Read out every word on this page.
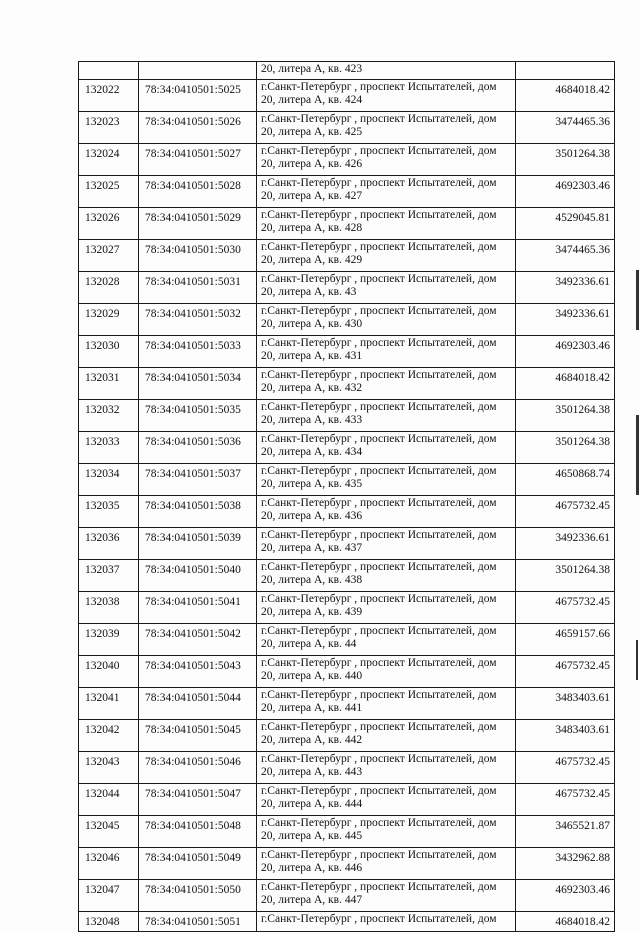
		20, литера А, кв. 423	
132022	78:34:0410501:5025	г.Санкт-Петербург , проспект Испытателей, дом
20, литера А, кв. 424	4684018.42
132023	78:34:0410501:5026	г.Санкт-Петербург , проспект Испытателей, дом
20, литера А, кв. 425	3474465.36
132024	78:34:0410501:5027	г.Санкт-Петербург , проспект Испытателей, дом
20, литера А, кв. 426	3501264.38
132025	78:34:0410501:5028	г.Санкт-Петербург , проспект Испытателей, дом
20, литера А, кв. 427	4692303.46
132026	78:34:0410501:5029	г.Санкт-Петербург , проспект Испытателей, дом
20, литера А, кв. 428	4529045.81
132027	78:34:0410501:5030	г.Санкт-Петербург , проспект Испытателей, дом
20, литера А, кв. 429	3474465.36
132028	78:34:0410501:5031	г.Санкт-Петербург , проспект Испытателей, дом
20, литера А, кв. 43	3492336.61
132029	78:34:0410501:5032	г.Санкт-Петербург , проспект Испытателей, дом
20, литера А, кв. 430	3492336.61
132030	78:34:0410501:5033	г.Санкт-Петербург , проспект Испытателей, дом
20, литера А, кв. 431	4692303.46
132031	78:34:0410501:5034	г.Санкт-Петербург , проспект Испытателей, дом
20, литера А, кв. 432	4684018.42
132032	78:34:0410501:5035	г.Санкт-Петербург , проспект Испытателей, дом
20, литера А, кв. 433	3501264.38
132033	78:34:0410501:5036	г.Санкт-Петербург , проспект Испытателей, дом
20, литера А, кв. 434	3501264.38
132034	78:34:0410501:5037	г.Санкт-Петербург , проспект Испытателей, дом
20, литера А, кв. 435	4650868.74
132035	78:34:0410501:5038	г.Санкт-Петербург , проспект Испытателей, дом
20, литера А, кв. 436	4675732.45
132036	78:34:0410501:5039	г.Санкт-Петербург , проспект Испытателей, дом
20, литера А, кв. 437	3492336.61
132037	78:34:0410501:5040	г.Санкт-Петербург , проспект Испытателей, дом
20, литера А, кв. 438	3501264.38
132038	78:34:0410501:5041	г.Санкт-Петербург , проспект Испытателей, дом
20, литера А, кв. 439	4675732.45
132039	78:34:0410501:5042	г.Санкт-Петербург , проспект Испытателей, дом
20, литера А, кв. 44	4659157.66
132040	78:34:0410501:5043	г.Санкт-Петербург , проспект Испытателей, дом
20, литера А, кв. 440	4675732.45
132041	78:34:0410501:5044	г.Санкт-Петербург , проспект Испытателей, дом
20, литера А, кв. 441	3483403.61
132042	78:34:0410501:5045	г.Санкт-Петербург , проспект Испытателей, дом
20, литера А, кв. 442	3483403.61
132043	78:34:0410501:5046	г.Санкт-Петербург , проспект Испытателей, дом
20, литера А, кв. 443	4675732.45
132044	78:34:0410501:5047	г.Санкт-Петербург , проспект Испытателей, дом
20, литера А, кв. 444	4675732.45
132045	78:34:0410501:5048	г.Санкт-Петербург , проспект Испытателей, дом
20, литера А, кв. 445	3465521.87
132046	78:34:0410501:5049	г.Санкт-Петербург , проспект Испытателей, дом
20, литера А, кв. 446	3432962.88
132047	78:34:0410501:5050	г.Санкт-Петербург , проспект Испытателей, дом
20, литера А, кв. 447	4692303.46
132048	78:34:0410501:5051	г.Санкт-Петербург , проспект Испытателей, дом	4684018.42
